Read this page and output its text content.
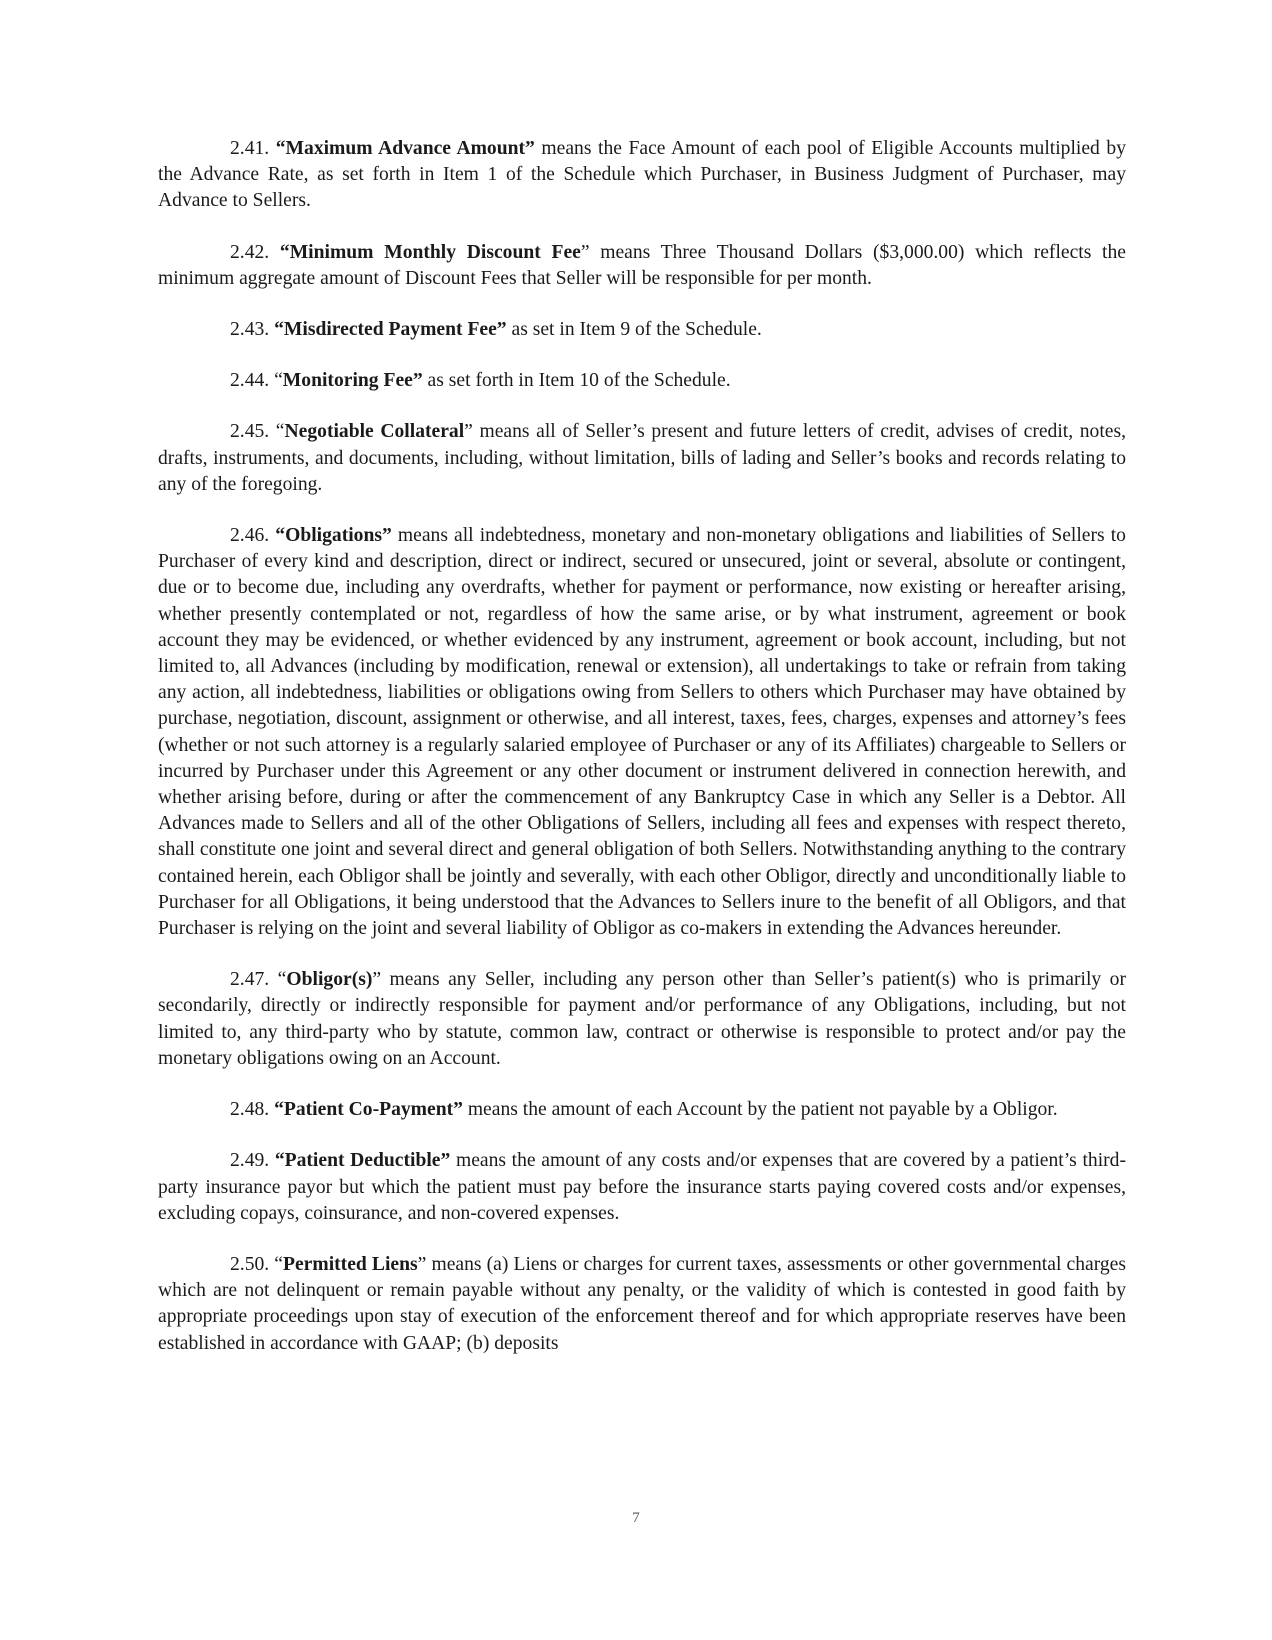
2.41. “Maximum Advance Amount” means the Face Amount of each pool of Eligible Accounts multiplied by the Advance Rate, as set forth in Item 1 of the Schedule which Purchaser, in Business Judgment of Purchaser, may Advance to Sellers.

2.42. “Minimum Monthly Discount Fee” means Three Thousand Dollars ($3,000.00) which reflects the minimum aggregate amount of Discount Fees that Seller will be responsible for per month.

2.43. “Misdirected Payment Fee” as set in Item 9 of the Schedule.

2.44. “Monitoring Fee” as set forth in Item 10 of the Schedule.

2.45. “Negotiable Collateral” means all of Seller’s present and future letters of credit, advises of credit, notes, drafts, instruments, and documents, including, without limitation, bills of lading and Seller’s books and records relating to any of the foregoing.

2.46. “Obligations” means all indebtedness, monetary and non-monetary obligations and liabilities of Sellers to Purchaser of every kind and description, direct or indirect, secured or unsecured, joint or several, absolute or contingent, due or to become due, including any overdrafts, whether for payment or performance, now existing or hereafter arising, whether presently contemplated or not, regardless of how the same arise, or by what instrument, agreement or book account they may be evidenced, or whether evidenced by any instrument, agreement or book account, including, but not limited to, all Advances (including by modification, renewal or extension), all undertakings to take or refrain from taking any action, all indebtedness, liabilities or obligations owing from Sellers to others which Purchaser may have obtained by purchase, negotiation, discount, assignment or otherwise, and all interest, taxes, fees, charges, expenses and attorney’s fees (whether or not such attorney is a regularly salaried employee of Purchaser or any of its Affiliates) chargeable to Sellers or incurred by Purchaser under this Agreement or any other document or instrument delivered in connection herewith, and whether arising before, during or after the commencement of any Bankruptcy Case in which any Seller is a Debtor. All Advances made to Sellers and all of the other Obligations of Sellers, including all fees and expenses with respect thereto, shall constitute one joint and several direct and general obligation of both Sellers. Notwithstanding anything to the contrary contained herein, each Obligor shall be jointly and severally, with each other Obligor, directly and unconditionally liable to Purchaser for all Obligations, it being understood that the Advances to Sellers inure to the benefit of all Obligors, and that Purchaser is relying on the joint and several liability of Obligor as co-makers in extending the Advances hereunder.

2.47. “Obligor(s)” means any Seller, including any person other than Seller’s patient(s) who is primarily or secondarily, directly or indirectly responsible for payment and/or performance of any Obligations, including, but not limited to, any third-party who by statute, common law, contract or otherwise is responsible to protect and/or pay the monetary obligations owing on an Account.

2.48. “Patient Co-Payment” means the amount of each Account by the patient not payable by a Obligor.

2.49. “Patient Deductible” means the amount of any costs and/or expenses that are covered by a patient’s third-party insurance payor but which the patient must pay before the insurance starts paying covered costs and/or expenses, excluding copays, coinsurance, and non-covered expenses.

2.50. “Permitted Liens” means (a) Liens or charges for current taxes, assessments or other governmental charges which are not delinquent or remain payable without any penalty, or the validity of which is contested in good faith by appropriate proceedings upon stay of execution of the enforcement thereof and for which appropriate reserves have been established in accordance with GAAP; (b) deposits

7
